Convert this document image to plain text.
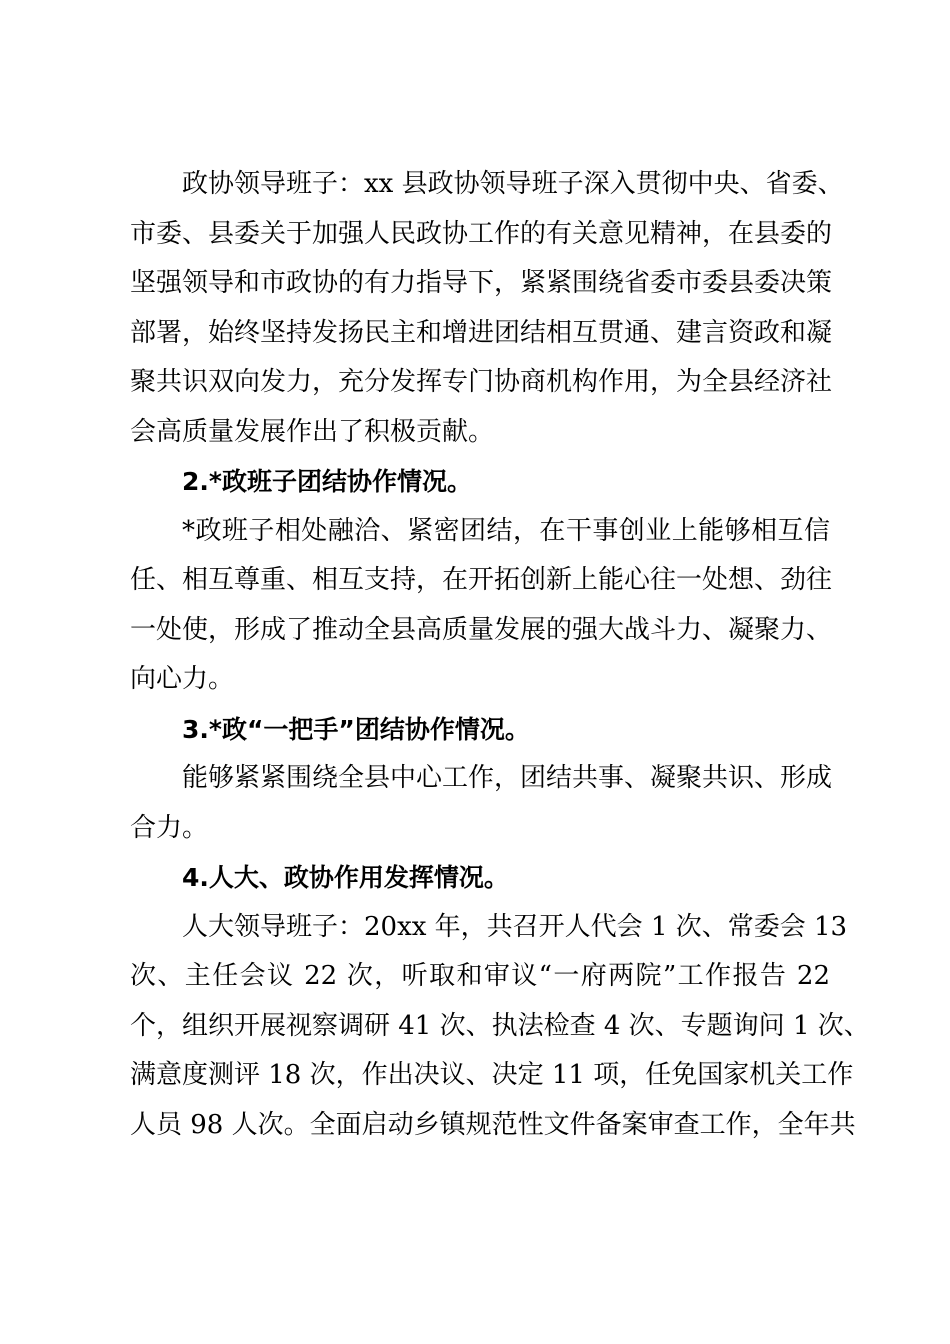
政协领导班子：xx 县政协领导班子深入贯彻中央、省委、
市委、县委关于加强人民政协工作的有关意见精神，在县委的
坚强领导和市政协的有力指导下，紧紧围绕省委市委县委决策
部署，始终坚持发扬民主和增进团结相互贯通、建言资政和凝
聚共识双向发力，充分发挥专门协商机构作用，为全县经济社
会高质量发展作出了积极贡献。
2.*政班子团结协作情况。
*政班子相处融洽、紧密团结，在干事创业上能够相互信
任、相互尊重、相互支持，在开拓创新上能心往一处想、劲往
一处使，形成了推动全县高质量发展的强大战斗力、凝聚力、
向心力。
3.*政“一把手”团结协作情况。
能够紧紧围绕全县中心工作，团结共事、凝聚共识、形成
合力。
4.人大、政协作用发挥情况。
人大领导班子：20xx 年，共召开人代会 1 次、常委会 13
次、主任会议 22 次，听取和审议“一府两院”工作报告 22
个，组织开展视察调研 41 次、执法检查 4 次、专题询问 1 次、
满意度测评 18 次，作出决议、决定 11 项，任免国家机关工作
人员 98 人次。全面启动乡镇规范性文件备案审查工作，全年共
